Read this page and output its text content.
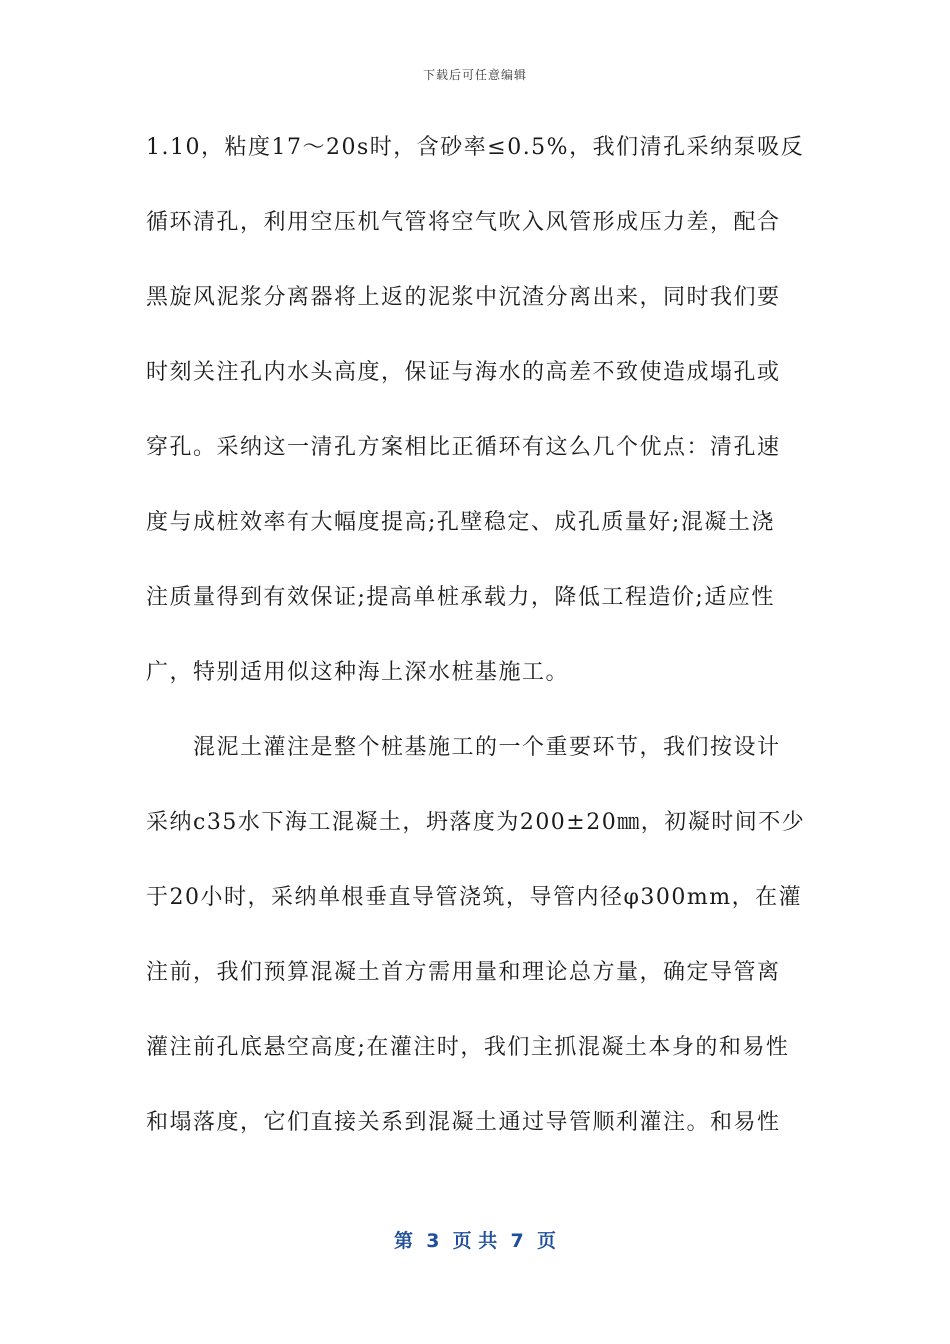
下载后可任意编辑
1.10，粘度17～20s时，含砂率≤0.5%，我们清孔采纳泵吸反
循环清孔，利用空压机气管将空气吹入风管形成压力差，配合
黑旋风泥浆分离器将上返的泥浆中沉渣分离出来，同时我们要
时刻关注孔内水头高度，保证与海水的高差不致使造成塌孔或
穿孔。采纳这一清孔方案相比正循环有这么几个优点：清孔速
度与成桩效率有大幅度提高;孔壁稳定、成孔质量好;混凝土浇
注质量得到有效保证;提高单桩承载力，降低工程造价;适应性
广，特别适用似这种海上深水桩基施工。
　　混泥土灌注是整个桩基施工的一个重要环节，我们按设计
采纳c35水下海工混凝土，坍落度为200±20㎜，初凝时间不少
于20小时，采纳单根垂直导管浇筑，导管内径φ300mm，在灌
注前，我们预算混凝土首方需用量和理论总方量，确定导管离
灌注前孔底悬空高度;在灌注时，我们主抓混凝土本身的和易性
和塌落度，它们直接关系到混凝土通过导管顺利灌注。和易性
第  3  页 共  7  页
